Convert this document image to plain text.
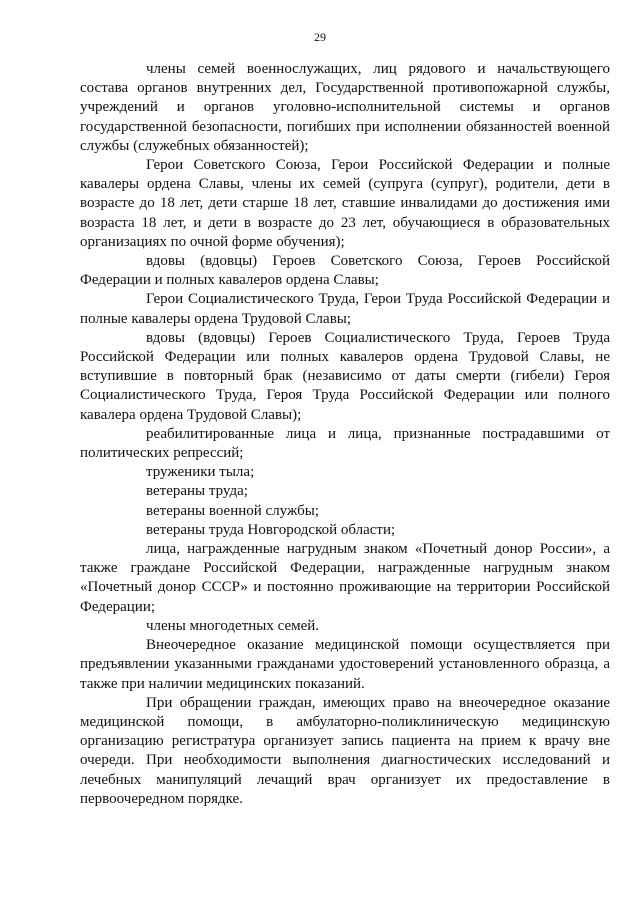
29

члены семей военнослужащих, лиц рядового и начальствующего состава органов внутренних дел, Государственной противопожарной службы, учреждений и органов уголовно-исполнительной системы и органов государственной безопасности, погибших при исполнении обязанностей военной службы (служебных обязанностей);

Герои Советского Союза, Герои Российской Федерации и полные кавалеры ордена Славы, члены их семей (супруга (супруг), родители, дети в возрасте до 18 лет, дети старше 18 лет, ставшие инвалидами до достижения ими возраста 18 лет, и дети в возрасте до 23 лет, обучающиеся в образовательных организациях по очной форме обучения);

вдовы (вдовцы) Героев Советского Союза, Героев Российской Федерации и полных кавалеров ордена Славы;

Герои Социалистического Труда, Герои Труда Российской Федерации и полные кавалеры ордена Трудовой Славы;

вдовы (вдовцы) Героев Социалистического Труда, Героев Труда Российской Федерации или полных кавалеров ордена Трудовой Славы, не вступившие в повторный брак (независимо от даты смерти (гибели) Героя Социалистического Труда, Героя Труда Российской Федерации или полного кавалера ордена Трудовой Славы);

реабилитированные лица и лица, признанные пострадавшими от политических репрессий;

труженики тыла;

ветераны труда;

ветераны военной службы;

ветераны труда Новгородской области;

лица, награжденные нагрудным знаком «Почетный донор России», а также граждане Российской Федерации, награжденные нагрудным знаком «Почетный донор СССР» и постоянно проживающие на территории Российской Федерации;

члены многодетных семей.

Внеочередное оказание медицинской помощи осуществляется при предъявлении указанными гражданами удостоверений установленного образца, а также при наличии медицинских показаний.

При обращении граждан, имеющих право на внеочередное оказание медицинской помощи, в амбулаторно-поликлиническую медицинскую организацию регистратура организует запись пациента на прием к врачу вне очереди. При необходимости выполнения диагностических исследований и лечебных манипуляций лечащий врач организует их предоставление в первоочередном порядке.
